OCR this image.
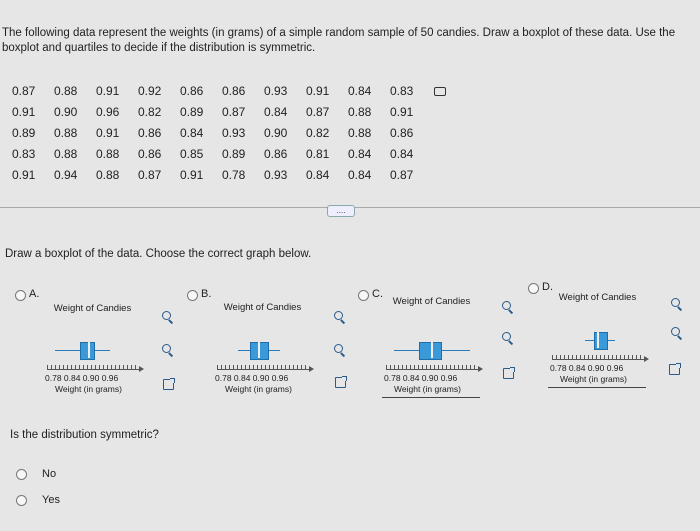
The following data represent the weights (in grams) of a simple random sample of 50 candies. Draw a boxplot of these data. Use the boxplot and quartiles to decide if the distribution is symmetric.
0.87	0.88	0.91	0.92	0.86	0.86	0.93	0.91	0.84	0.83
0.91	0.90	0.96	0.82	0.89	0.87	0.84	0.87	0.88	0.91
0.89	0.88	0.91	0.86	0.84	0.93	0.90	0.82	0.88	0.86
0.83	0.88	0.88	0.86	0.85	0.89	0.86	0.81	0.84	0.84
0.91	0.94	0.88	0.87	0.91	0.78	0.93	0.84	0.84	0.87
....
Draw a boxplot of the data. Choose the correct graph below.
A.
Weight of Candies
0.78 0.84 0.90 0.96
Weight (in grams)
B.
Weight of Candies
0.78 0.84 0.90 0.96
Weight (in grams)
C.
Weight of Candies
0.78 0.84 0.90 0.96
Weight (in grams)
D.
Weight of Candies
0.78 0.84 0.90 0.96
Weight (in grams)
Is the distribution symmetric?
No
Yes
